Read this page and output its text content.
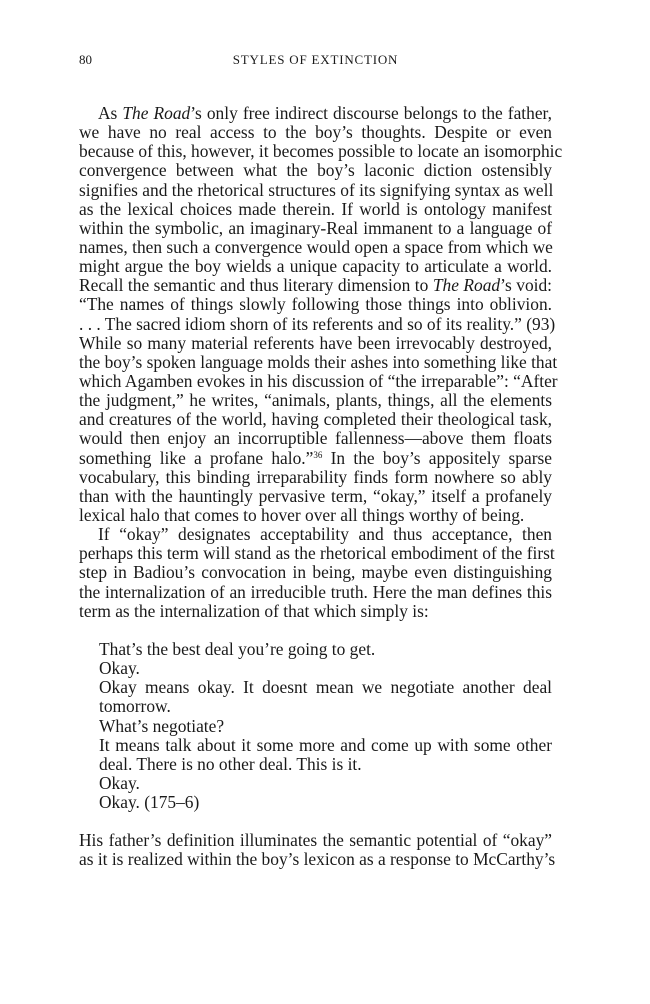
80	STYLES OF EXTINCTION
As The Road’s only free indirect discourse belongs to the father,
we have no real access to the boy’s thoughts. Despite or even
because of this, however, it becomes possible to locate an isomorphic
convergence between what the boy’s laconic diction ostensibly
signifies and the rhetorical structures of its signifying syntax as well
as the lexical choices made therein. If world is ontology manifest
within the symbolic, an imaginary-Real immanent to a language of
names, then such a convergence would open a space from which we
might argue the boy wields a unique capacity to articulate a world.
Recall the semantic and thus literary dimension to The Road’s void:
“The names of things slowly following those things into oblivion.
. . . The sacred idiom shorn of its referents and so of its reality.” (93)
While so many material referents have been irrevocably destroyed,
the boy’s spoken language molds their ashes into something like that
which Agamben evokes in his discussion of “the irreparable”: “After
the judgment,” he writes, “animals, plants, things, all the elements
and creatures of the world, having completed their theological task,
would then enjoy an incorruptible fallenness—above them floats
something like a profane halo.”$^{36}$ In the boy’s appositely sparse
vocabulary, this binding irreparability finds form nowhere so ably
than with the hauntingly pervasive term, “okay,” itself a profanely
lexical halo that comes to hover over all things worthy of being.
If “okay” designates acceptability and thus acceptance, then
perhaps this term will stand as the rhetorical embodiment of the first
step in Badiou’s convocation in being, maybe even distinguishing
the internalization of an irreducible truth. Here the man defines this
term as the internalization of that which simply is:
That’s the best deal you’re going to get.
Okay.
Okay means okay. It doesnt mean we negotiate another deal
tomorrow.
What’s negotiate?
It means talk about it some more and come up with some other
deal. There is no other deal. This is it.
Okay.
Okay. (175–6)
His father’s definition illuminates the semantic potential of “okay”
as it is realized within the boy’s lexicon as a response to McCarthy’s
